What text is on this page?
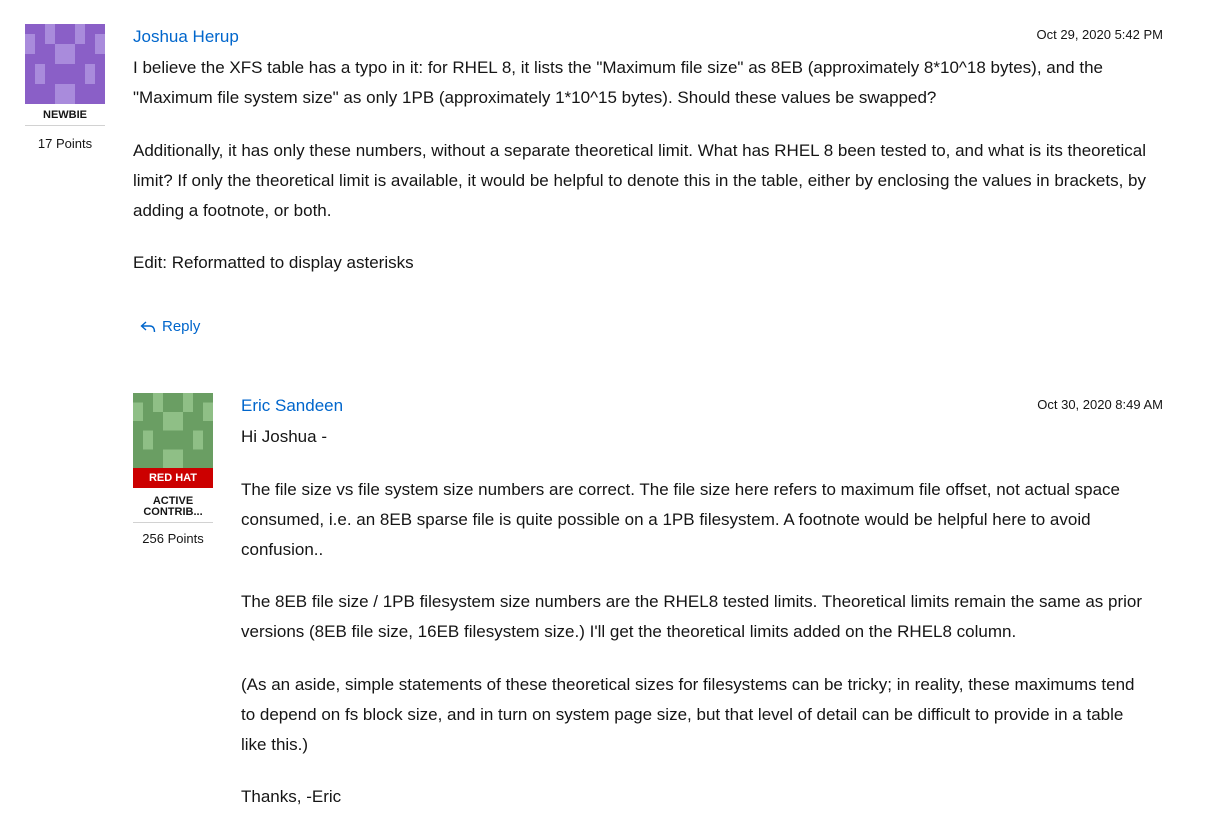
NEWBIE
17 Points
Joshua Herup	Oct 29, 2020 5:42 PM

I believe the XFS table has a typo in it: for RHEL 8, it lists the "Maximum file size" as 8EB (approximately 8*10^18 bytes), and the "Maximum file system size" as only 1PB (approximately 1*10^15 bytes). Should these values be swapped?

Additionally, it has only these numbers, without a separate theoretical limit. What has RHEL 8 been tested to, and what is its theoretical limit? If only the theoretical limit is available, it would be helpful to denote this in the table, either by enclosing the values in brackets, by adding a footnote, or both.

Edit: Reformatted to display asterisks

Reply
RED HAT
ACTIVE CONTRIB...
256 Points
Eric Sandeen	Oct 30, 2020 8:49 AM

Hi Joshua -

The file size vs file system size numbers are correct. The file size here refers to maximum file offset, not actual space consumed, i.e. an 8EB sparse file is quite possible on a 1PB filesystem. A footnote would be helpful here to avoid confusion..

The 8EB file size / 1PB filesystem size numbers are the RHEL8 tested limits. Theoretical limits remain the same as prior versions (8EB file size, 16EB filesystem size.) I'll get the theoretical limits added on the RHEL8 column.

(As an aside, simple statements of these theoretical sizes for filesystems can be tricky; in reality, these maximums tend to depend on fs block size, and in turn on system page size, but that level of detail can be difficult to provide in a table like this.)

Thanks, -Eric
